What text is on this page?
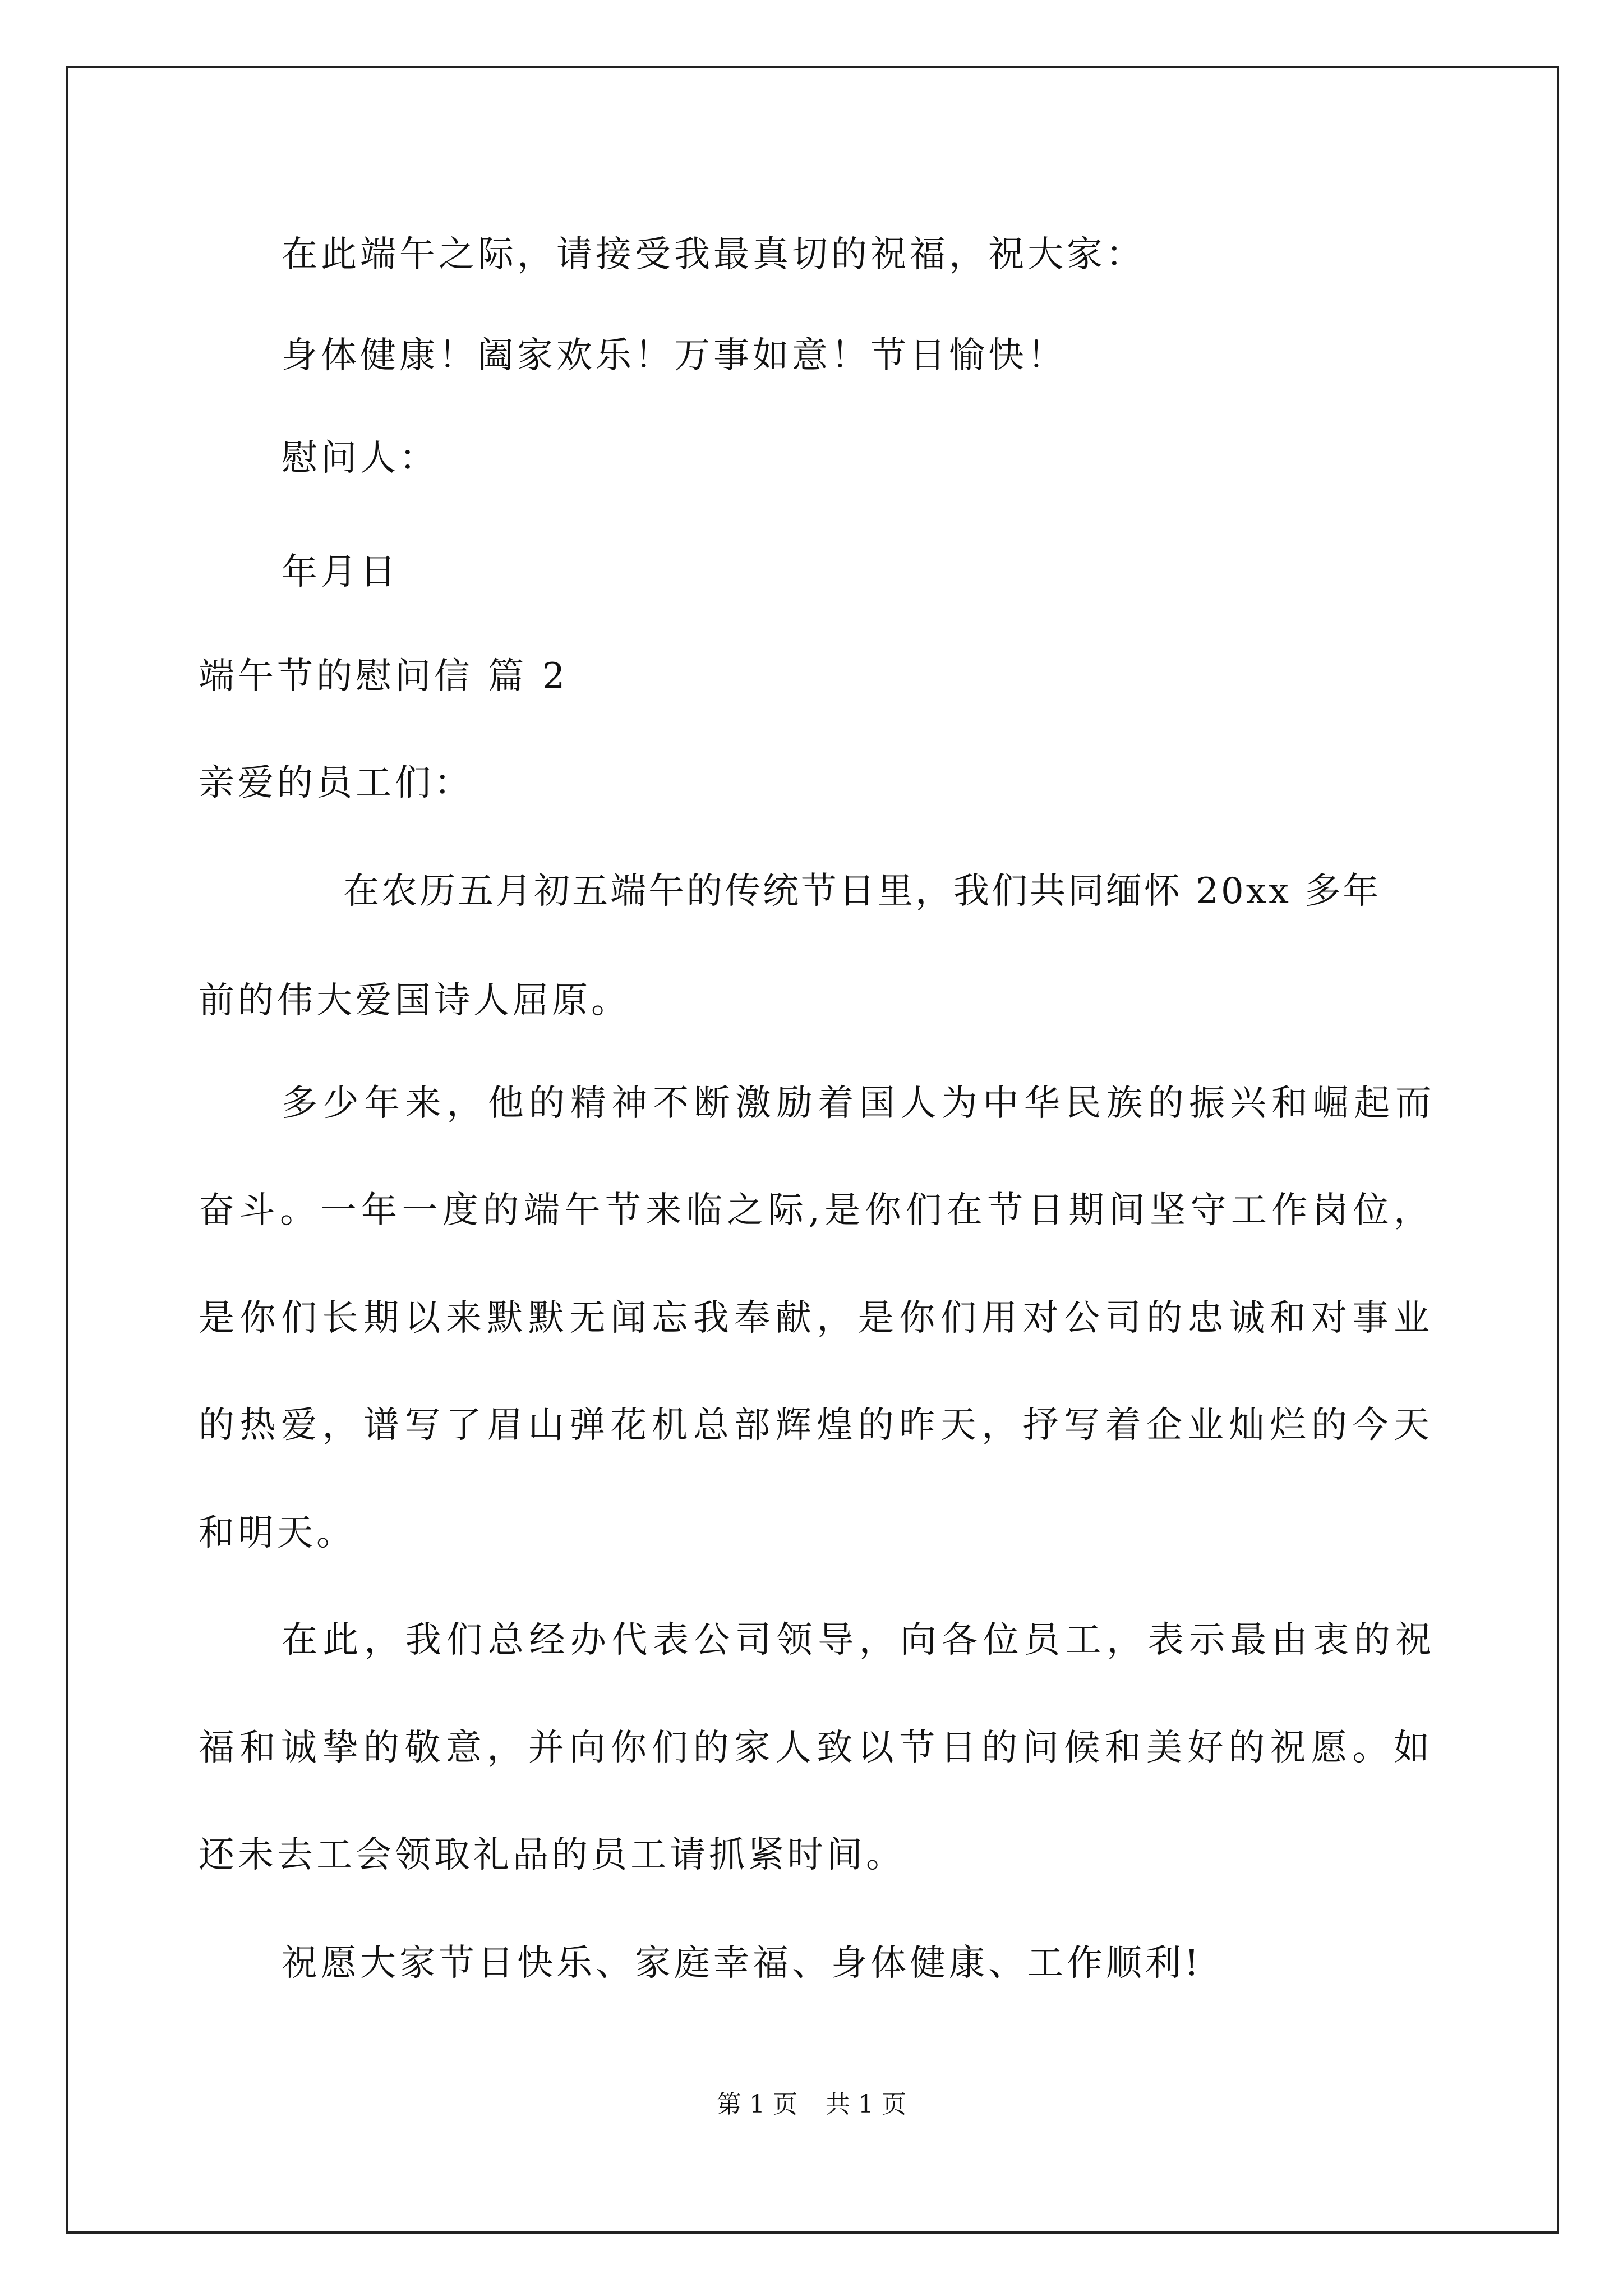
在此端午之际，请接受我最真切的祝福，祝大家：
身体健康！阖家欢乐！万事如意！节日愉快！
慰问人：
年月日
端午节的慰问信 篇 2
亲爱的员工们：
在农历五月初五端午的传统节日里，我们共同缅怀 20xx 多年
前的伟大爱国诗人屈原。
多少年来，他的精神不断激励着国人为中华民族的振兴和崛起而
奋斗。一年一度的端午节来临之际,是你们在节日期间坚守工作岗位，
是你们长期以来默默无闻忘我奉献，是你们用对公司的忠诚和对事业
的热爱，谱写了眉山弹花机总部辉煌的昨天，抒写着企业灿烂的今天
和明天。
在此，我们总经办代表公司领导，向各位员工，表示最由衷的祝
福和诚挚的敬意，并向你们的家人致以节日的问候和美好的祝愿。如
还未去工会领取礼品的员工请抓紧时间。
祝愿大家节日快乐、家庭幸福、身体健康、工作顺利!
第 1 页 共 1 页
